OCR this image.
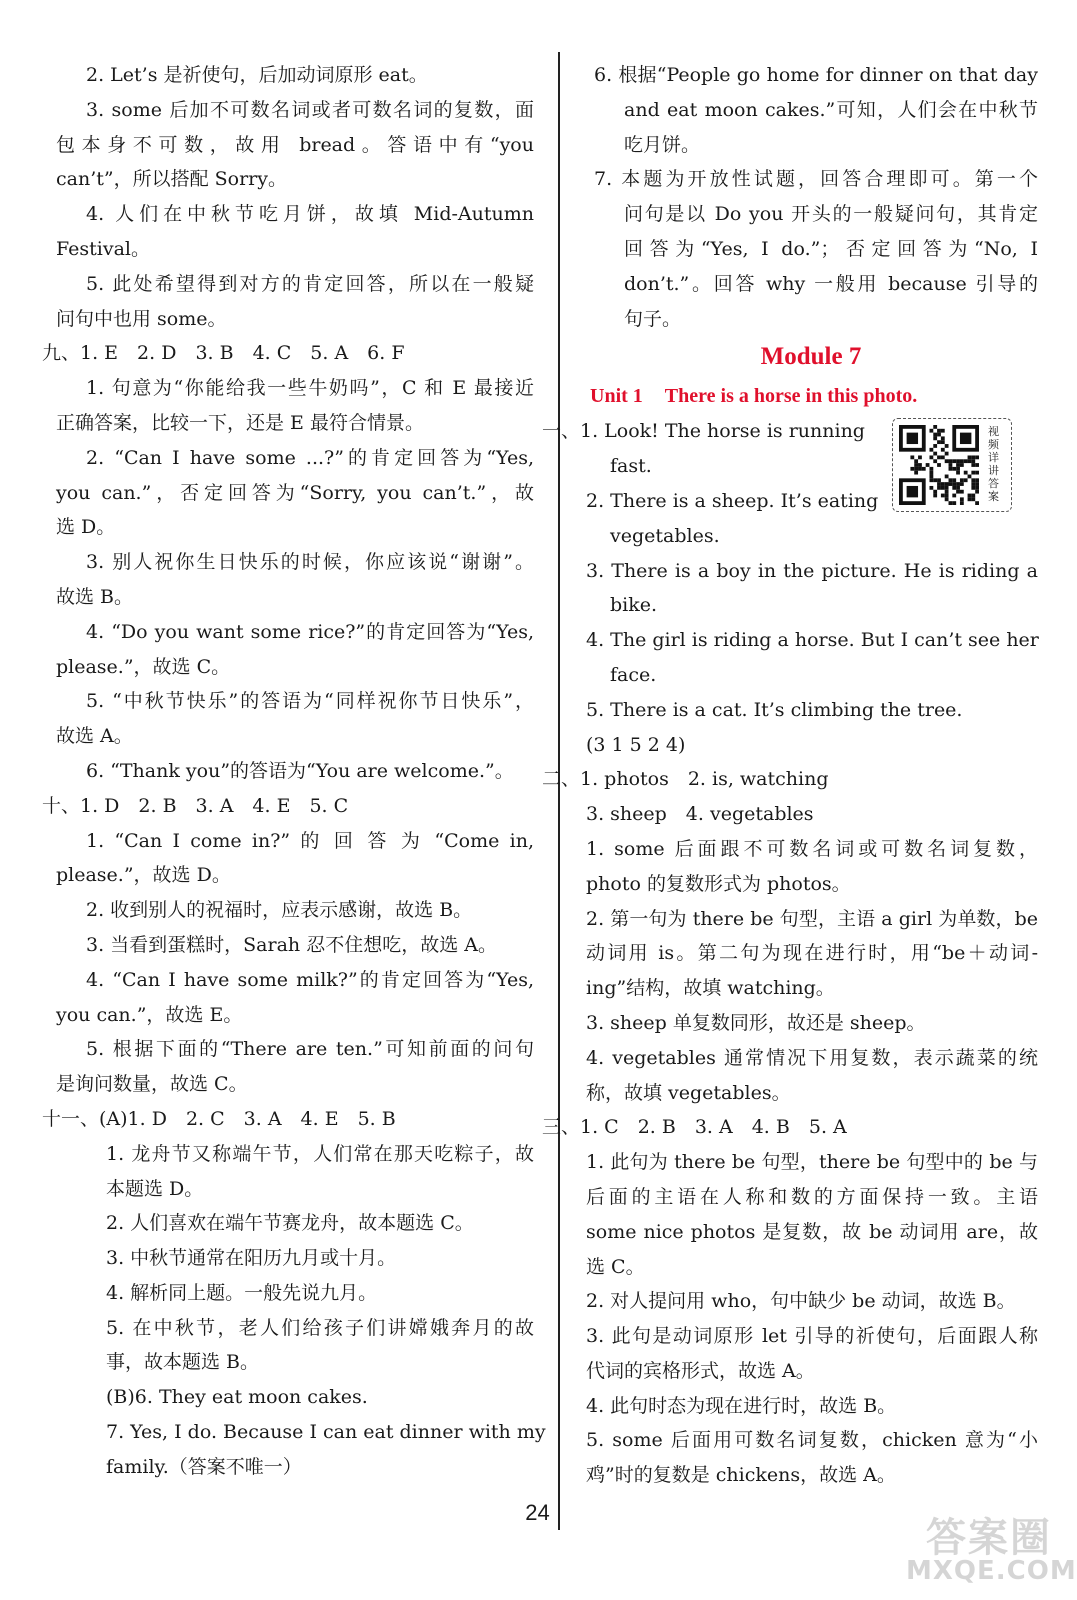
2. Let’s 是祈使句，后加动词原形 eat。
3. some 后加不可数名词或者可数名词的复数，面
包本身不可数，故用 bread。答语中有“you
can’t”，所以搭配 Sorry。
4. 人们在中秋节吃月饼，故填 Mid-Autumn
Festival。
5. 此处希望得到对方的肯定回答，所以在一般疑
问句中也用 some。
九、1. E　2. D　3. B　4. C　5. A　6. F
1. 句意为“你能给我一些牛奶吗”，C 和 E 最接近
正确答案，比较一下，还是 E 最符合情景。
2. “Can I have some ...?”的肯定回答为“Yes,
you can.”，否定回答为“Sorry, you can’t.”，故
选 D。
3. 别人祝你生日快乐的时候，你应该说“谢谢”。
故选 B。
4. “Do you want some rice?”的肯定回答为“Yes,
please.”，故选 C。
5. “中秋节快乐”的答语为“同样祝你节日快乐”，
故选 A。
6. “Thank you”的答语为“You are welcome.”。
十、1. D　2. B　3. A　4. E　5. C
1. “Can I come in?” 的 回 答 为 “Come in,
please.”，故选 D。
2. 收到别人的祝福时，应表示感谢，故选 B。
3. 当看到蛋糕时，Sarah 忍不住想吃，故选 A。
4. “Can I have some milk?”的肯定回答为“Yes,
you can.”，故选 E。
5. 根据下面的“There are ten.”可知前面的问句
是询问数量，故选 C。
十一、(A)1. D　2. C　3. A　4. E　5. B
1. 龙舟节又称端午节，人们常在那天吃粽子，故
本题选 D。
2. 人们喜欢在端午节赛龙舟，故本题选 C。
3. 中秋节通常在阳历九月或十月。
4. 解析同上题。一般先说九月。
5. 在中秋节，老人们给孩子们讲嫦娥奔月的故
事，故本题选 B。
(B)6. They eat moon cakes.
7. Yes, I do. Because I can eat dinner with my
family.（答案不唯一）
6. 根据“People go home for dinner on that day
and eat moon cakes.”可知，人们会在中秋节
吃月饼。
7. 本题为开放性试题，回答合理即可。第一个
问句是以 Do you 开头的一般疑问句，其肯定
回答为“Yes, I do.”；否定回答为“No, I
don’t.”。回答 why 一般用 because 引导的
句子。
Module 7
Unit 1 There is a horse in this photo.
一、1. Look! The horse is running
fast.
2. There is a sheep. It’s eating
vegetables.
3. There is a boy in the picture. He is riding a
bike.
4. The girl is riding a horse. But I can’t see her
face.
5. There is a cat. It’s climbing the tree.
(3 1 5 2 4)
二、1. photos　2. is, watching
3. sheep　4. vegetables
1. some 后面跟不可数名词或可数名词复数，
photo 的复数形式为 photos。
2. 第一句为 there be 句型，主语 a girl 为单数，be
动词用 is。第二句为现在进行时，用“be＋动词-
ing”结构，故填 watching。
3. sheep 单复数同形，故还是 sheep。
4. vegetables 通常情况下用复数，表示蔬菜的统
称，故填 vegetables。
三、1. C　2. B　3. A　4. B　5. A
1. 此句为 there be 句型，there be 句型中的 be 与
后面的主语在人称和数的方面保持一致。主语
some nice photos 是复数，故 be 动词用 are，故
选 C。
2. 对人提问用 who，句中缺少 be 动词，故选 B。
3. 此句是动词原形 let 引导的祈使句，后面跟人称
代词的宾格形式，故选 A。
4. 此句时态为现在进行时，故选 B。
5. some 后面用可数名词复数，chicken 意为“小
鸡”时的复数是 chickens，故选 A。
视频详讲答案
24
答案圈
MXQE.COM
